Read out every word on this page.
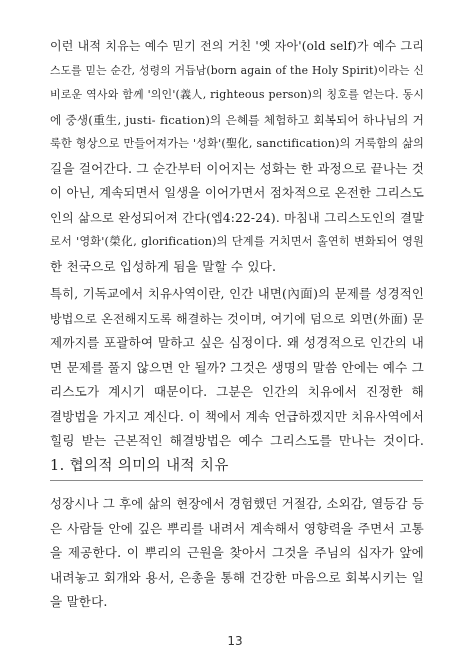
이런 내적 치유는 예수 믿기 전의 거친 '옛 자아'(old self)가 예수 그리
스도를 믿는 순간, 성령의 거듭남(born again of the Holy Spirit)이라는 신
비로운 역사와 함께 '의인'(義人, righteous person)의 칭호를 얻는다. 동시
에 중생(重生, justi- fication)의 은혜를 체험하고 회복되어 하나님의 거
룩한 형상으로 만들어져가는 '성화'(聖化, sanctification)의 거룩함의 삶의
길을 걸어간다. 그 순간부터 이어지는 성화는 한 과정으로 끝나는 것
이 아닌, 계속되면서 일생을 이어가면서 점차적으로 온전한 그리스도
인의 삶으로 완성되어져 간다(엡4:22-24). 마침내 그리스도인의 결말
로서 '영화'(榮化, glorification)의 단계를 거치면서 홀연히 변화되어 영원
한 천국으로 입성하게 됨을 말할 수 있다.
특히, 기독교에서 치유사역이란, 인간 내면(內面)의 문제를 성경적인
방법으로 온전해지도록 해결하는 것이며, 여기에 덤으로 외면(外面) 문
제까지를 포괄하여 말하고 싶은 심정이다. 왜 성경적으로 인간의 내
면 문제를 풀지 않으면 안 될까? 그것은 생명의 말씀 안에는 예수 그
리스도가 계시기 때문이다. 그분은 인간의 치유에서 진정한 해
결방법을 가지고 계신다. 이 책에서 계속 언급하겠지만 치유사역에서
힐링 받는 근본적인 해결방법은 예수 그리스도를 만나는 것이다.
1. 협의적 의미의 내적 치유
성장시나 그 후에 삶의 현장에서 경험했던 거절감, 소외감, 열등감 등
은 사람들 안에 깊은 뿌리를 내려서 계속해서 영향력을 주면서 고통
을 제공한다. 이 뿌리의 근원을 찾아서 그것을 주님의 십자가 앞에
내려놓고 회개와 용서, 은총을 통해 건강한 마음으로 회복시키는 일
을 말한다.
13
